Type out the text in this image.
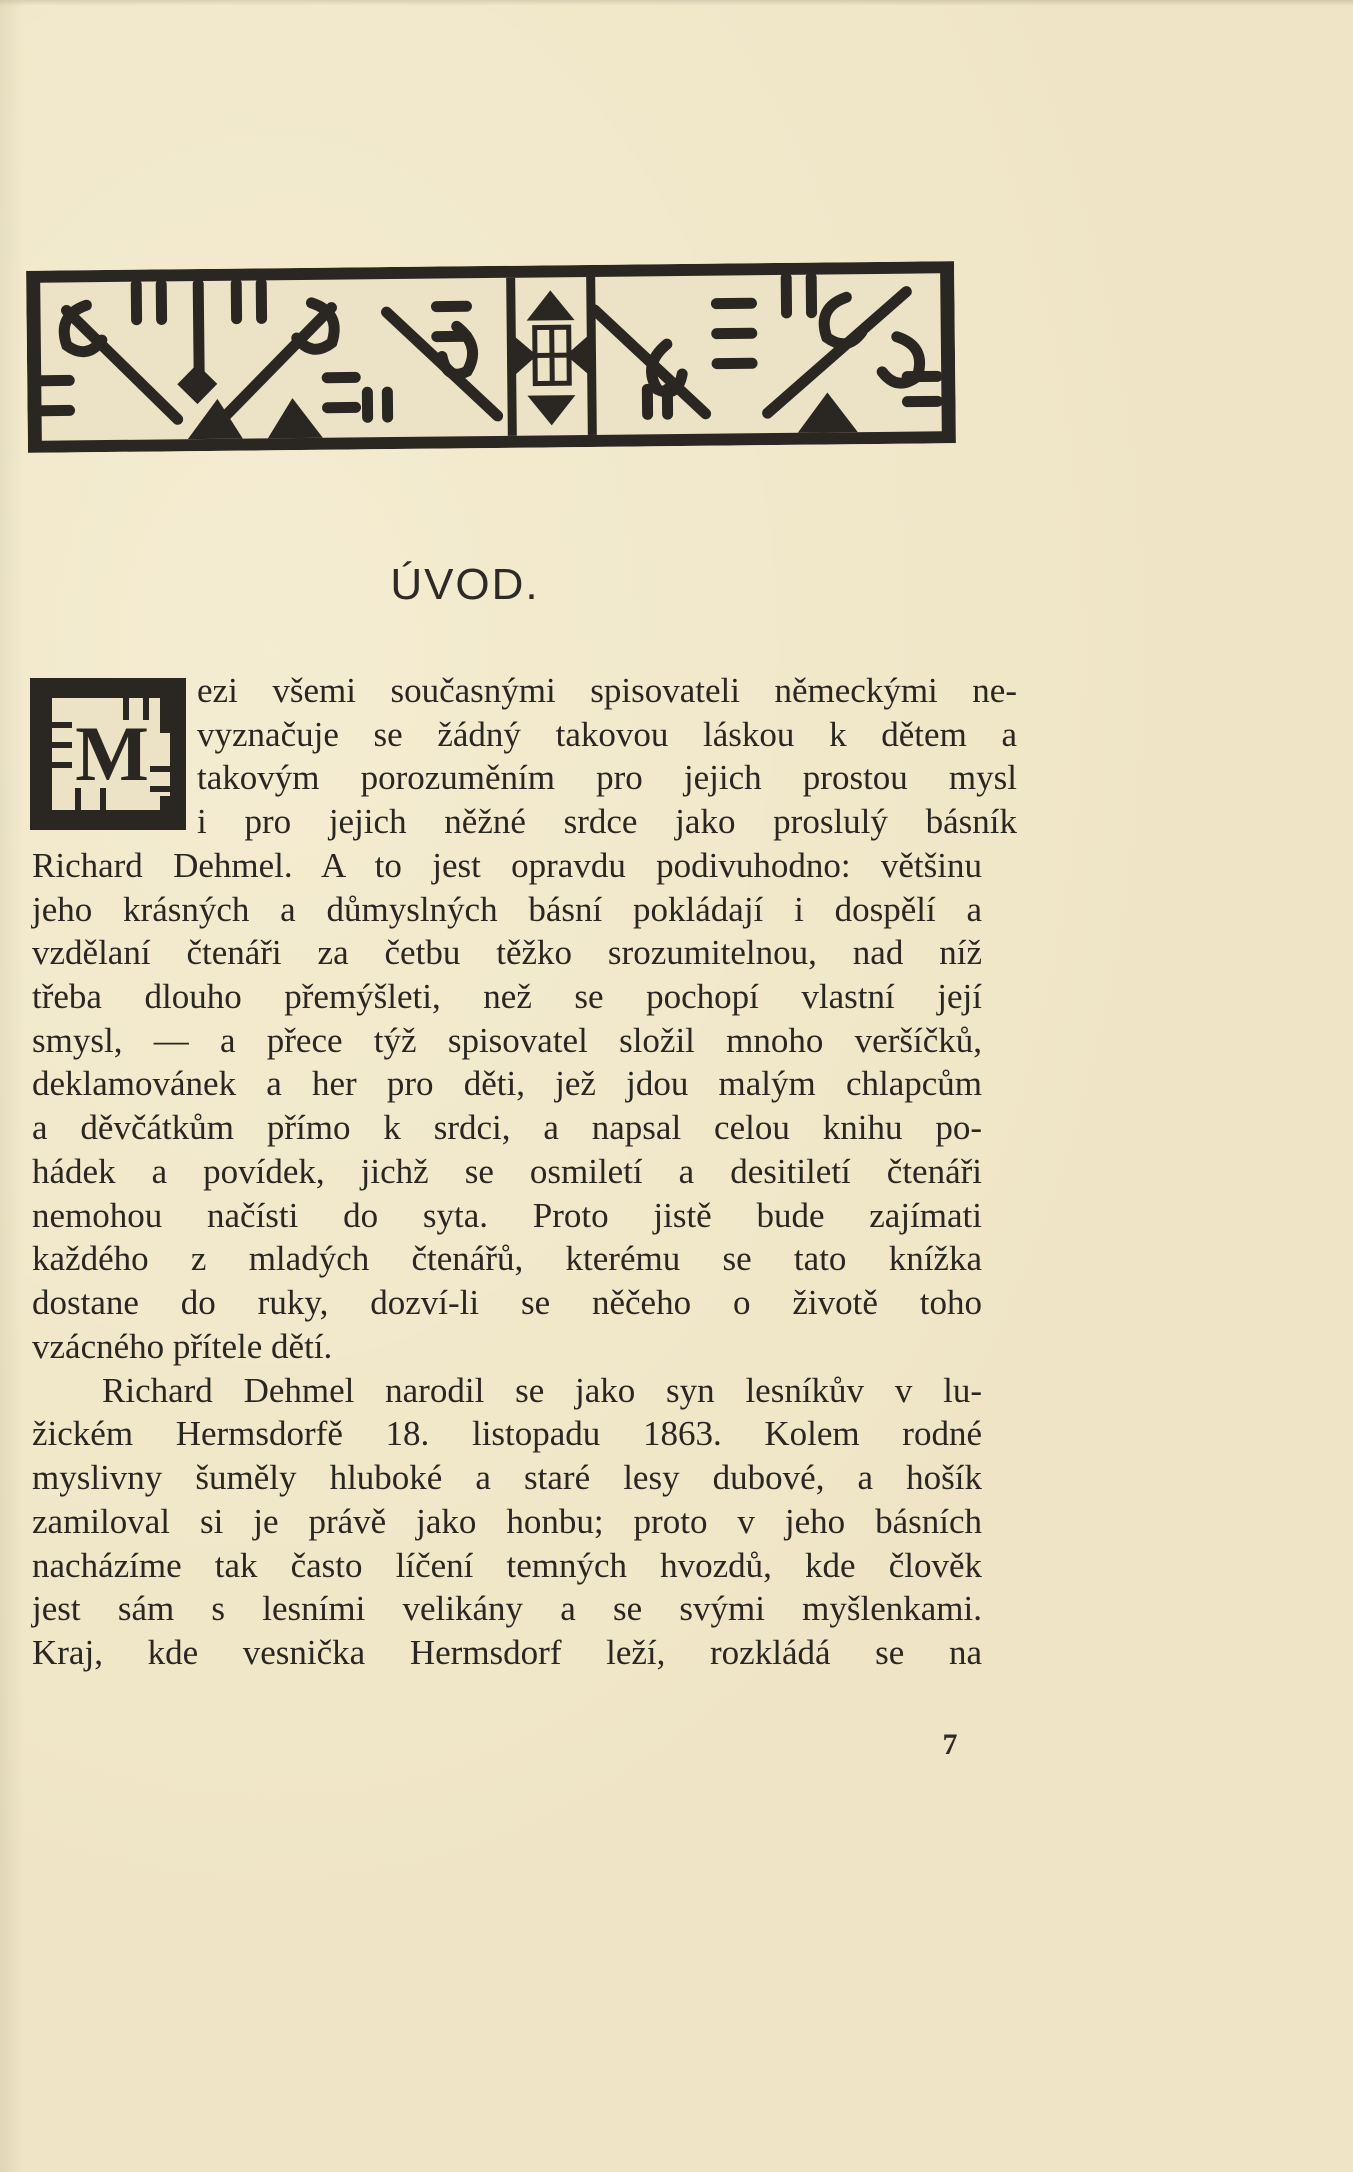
ÚVOD.
M
ezi všemi současnými spisovateli německými ne-
vyznačuje se žádný takovou láskou k dětem a
takovým porozuměním pro jejich prostou mysl
i pro jejich něžné srdce jako proslulý básník
Richard Dehmel. A to jest opravdu podivuhodno: většinu
jeho krásných a důmyslných básní pokládají i dospělí a
vzdělaní čtenáři za četbu těžko srozumitelnou, nad níž
třeba dlouho přemýšleti, než se pochopí vlastní její
smysl, — a přece týž spisovatel složil mnoho veršíčků,
deklamovánek a her pro děti, jež jdou malým chlapcům
a děvčátkům přímo k srdci, a napsal celou knihu po-
hádek a povídek, jichž se osmiletí a desitiletí čtenáři
nemohou načísti do syta. Proto jistě bude zajímati
každého z mladých čtenářů, kterému se tato knížka
dostane do ruky, dozví-li se něčeho o životě toho
vzácného přítele dětí.
Richard Dehmel narodil se jako syn lesníkův v lu-
žickém Hermsdorfě 18. listopadu 1863. Kolem rodné
myslivny šuměly hluboké a staré lesy dubové, a hošík
zamiloval si je právě jako honbu; proto v jeho básních
nacházíme tak často líčení temných hvozdů, kde člověk
jest sám s lesními velikány a se svými myšlenkami.
Kraj, kde vesnička Hermsdorf leží, rozkládá se na
7
